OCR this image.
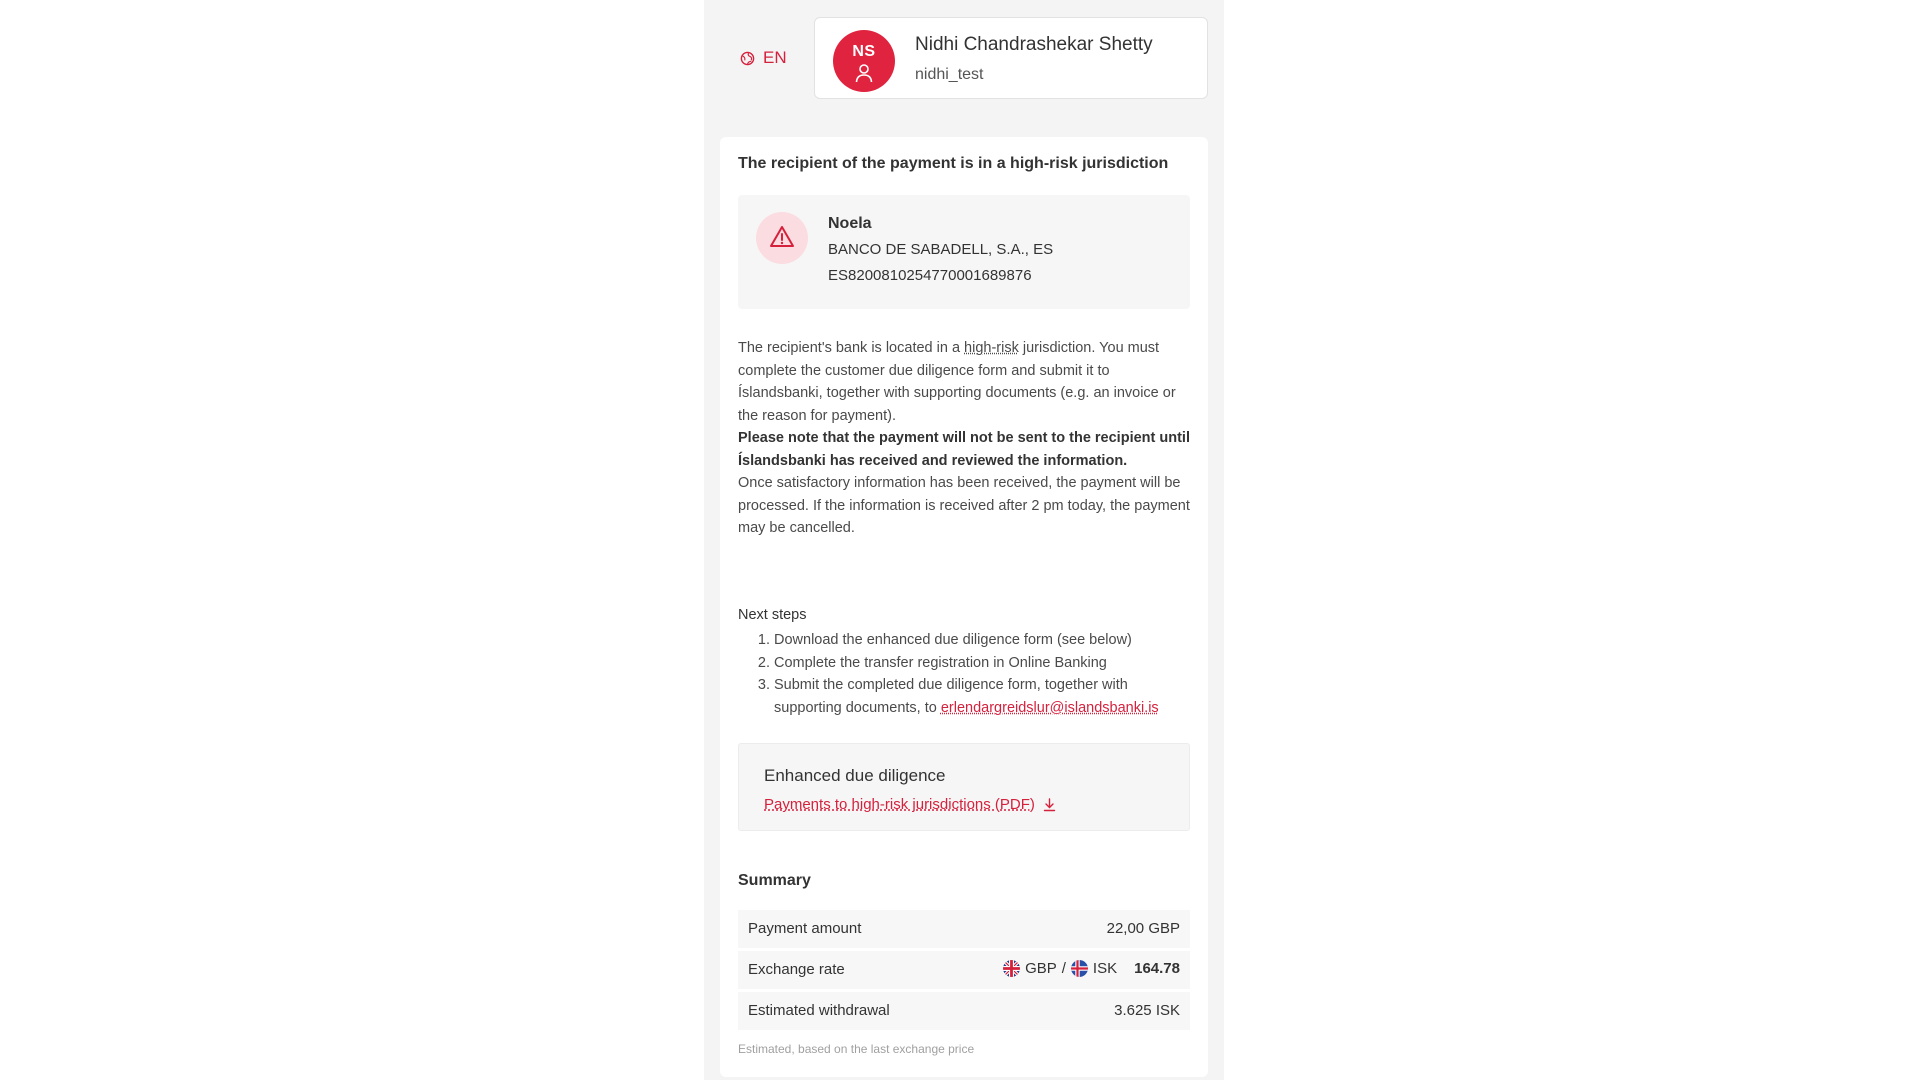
EN	NS	Nidhi Chandrashekar Shetty
nidhi_test
The recipient of the payment is in a high-risk jurisdiction
Noela
BANCO DE SABADELL, S.A., ES
ES8200810254770001689876

The recipient's bank is located in a high-risk jurisdiction. You must complete the customer due diligence form and submit it to Íslandsbanki, together with supporting documents (e.g. an invoice or the reason for payment).

Please note that the payment will not be sent to the recipient until Íslandsbanki has received and reviewed the information.

Once satisfactory information has been received, the payment will be processed. If the information is received after 2 pm today, the payment may be cancelled.

Next steps
1. Download the enhanced due diligence form (see below)
2. Complete the transfer registration in Online Banking
3. Submit the completed due diligence form, together with supporting documents, to erlendargreidslur@islandsbanki.is
Enhanced due diligence
Payments to high-risk jurisdictions (PDF)
Summary
Payment amount	22,00 GBP
Exchange rate	GBP / ISK 164.78
Estimated withdrawal	3.625 ISK
Estimated, based on the last exchange price
